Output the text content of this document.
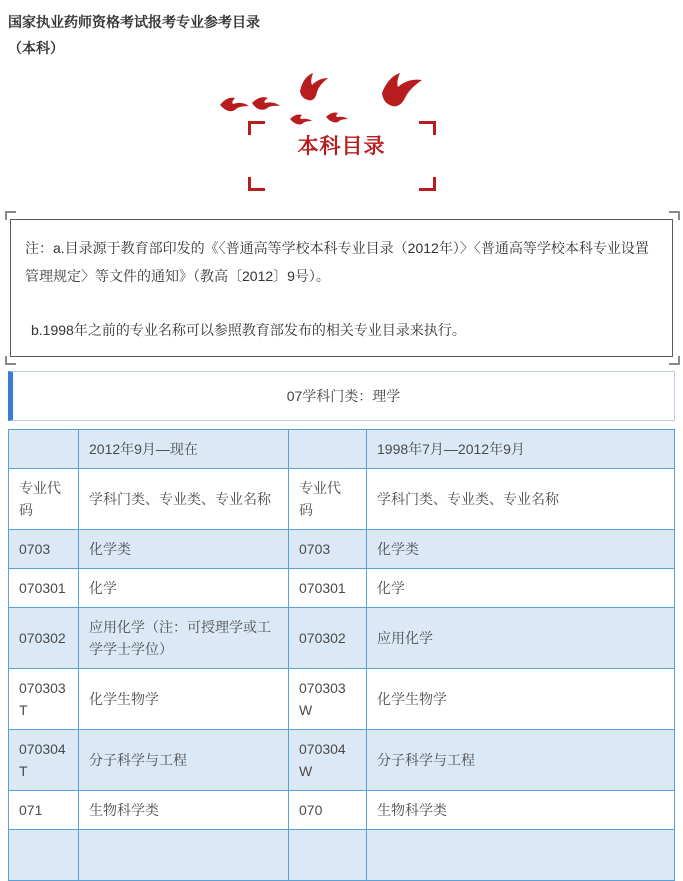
国家执业药师资格考试报考专业参考目录

（本科）

本科目录

注：a.目录源于教育部印发的《〈普通高等学校本科专业目录（2012年）〉〈普通高等学校本科专业设置管理规定〉等文件的通知》（教高〔2012〕9号）。

b.1998年之前的专业名称可以参照教育部发布的相关专业目录来执行。

07学科门类：理学
	2012年9月—现在		1998年7月—2012年9月
专业代码	学科门类、专业类、专业名称	专业代码	学科门类、专业类、专业名称
0703	化学类	0703	化学类
070301	化学	070301	化学
070302	应用化学（注：可授理学或工学学士学位）	070302	应用化学
070303T	化学生物学	070303W	化学生物学
070304T	分子科学与工程	070304W	分子科学与工程
071	生物科学类	070	生物科学类
